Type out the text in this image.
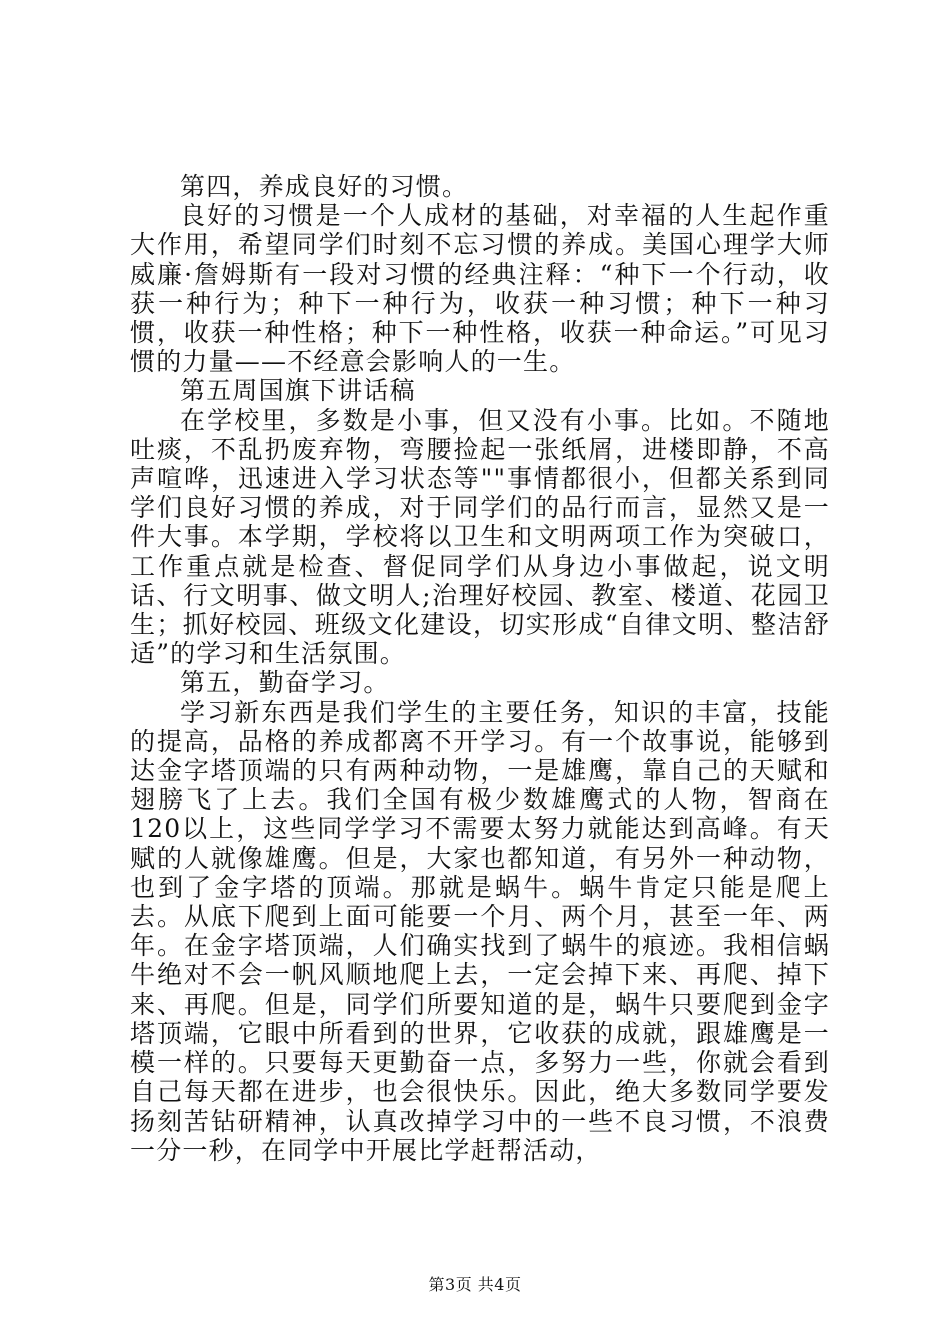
第四，养成良好的习惯。

良好的习惯是一个人成材的基础，对幸福的人生起作重大作用，希望同学们时刻不忘习惯的养成。美国心理学大师威廉·詹姆斯有一段对习惯的经典注释：“种下一个行动，收获一种行为；种下一种行为，收获一种习惯；种下一种习惯，收获一种性格；种下一种性格，收获一种命运。”可见习惯的力量——不经意会影响人的一生。

第五周国旗下讲话稿

在学校里，多数是小事，但又没有小事。比如。不随地吐痰，不乱扔废弃物，弯腰捡起一张纸屑，进楼即静，不高声喧哗，迅速进入学习状态等""事情都很小，但都关系到同学们良好习惯的养成，对于同学们的品行而言，显然又是一件大事。本学期，学校将以卫生和文明两项工作为突破口，工作重点就是检查、督促同学们从身边小事做起，说文明话、行文明事、做文明人;治理好校园、教室、楼道、花园卫生；抓好校园、班级文化建设，切实形成“自律文明、整洁舒适”的学习和生活氛围。

第五，勤奋学习。

学习新东西是我们学生的主要任务，知识的丰富，技能的提高，品格的养成都离不开学习。有一个故事说，能够到达金字塔顶端的只有两种动物，一是雄鹰，靠自己的天赋和翅膀飞了上去。我们全国有极少数雄鹰式的人物，智商在120以上，这些同学学习不需要太努力就能达到高峰。有天赋的人就像雄鹰。但是，大家也都知道，有另外一种动物，也到了金字塔的顶端。那就是蜗牛。蜗牛肯定只能是爬上去。从底下爬到上面可能要一个月、两个月，甚至一年、两年。在金字塔顶端，人们确实找到了蜗牛的痕迹。我相信蜗牛绝对不会一帆风顺地爬上去，一定会掉下来、再爬、掉下来、再爬。但是，同学们所要知道的是，蜗牛只要爬到金字塔顶端，它眼中所看到的世界，它收获的成就，跟雄鹰是一模一样的。只要每天更勤奋一点，多努力一些，你就会看到自己每天都在进步，也会很快乐。因此，绝大多数同学要发扬刻苦钻研精神，认真改掉学习中的一些不良习惯，不浪费一分一秒，在同学中开展比学赶帮活动，

第3页 共4页
